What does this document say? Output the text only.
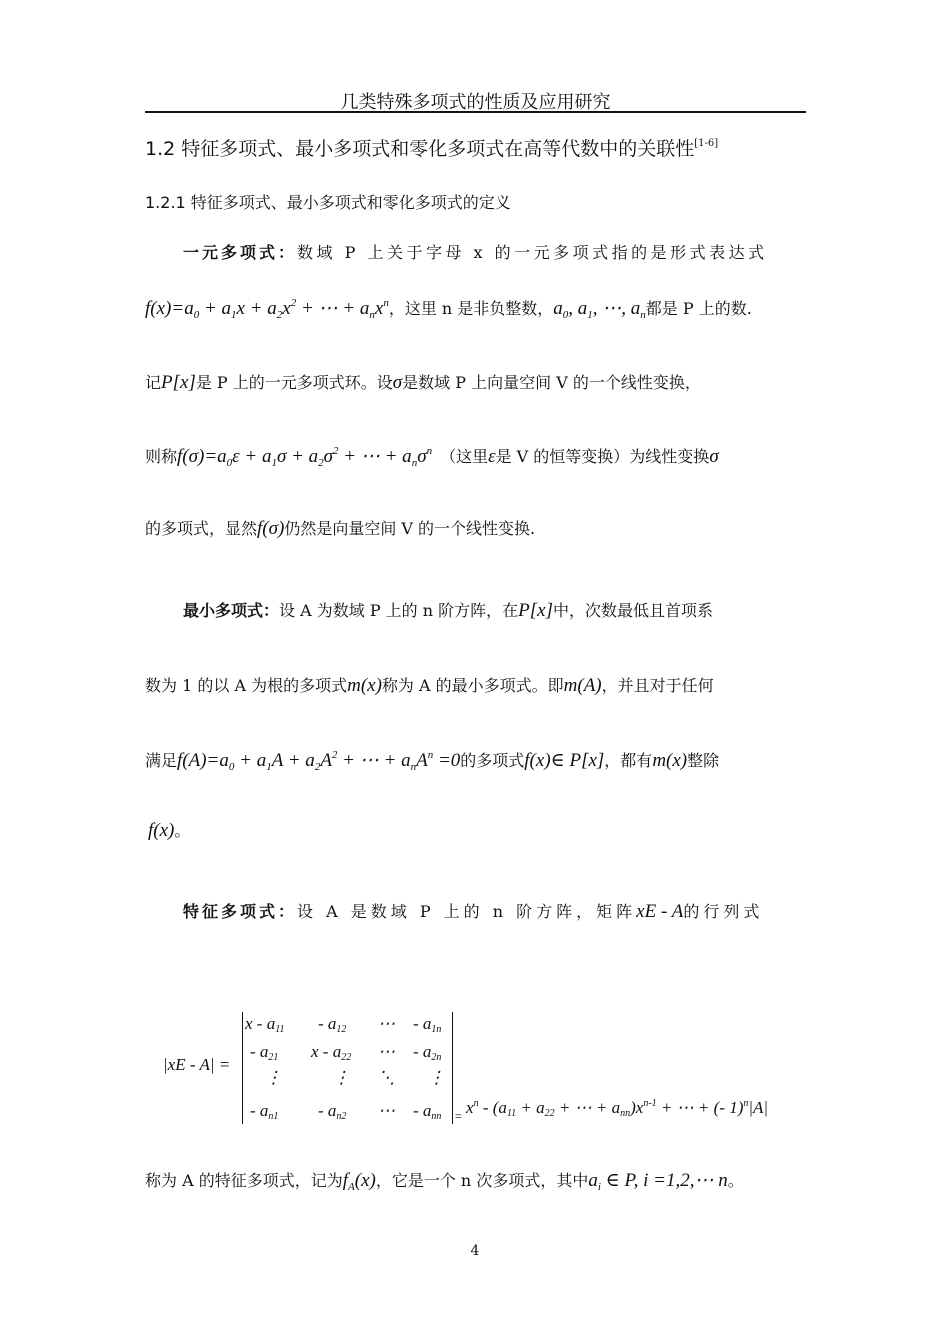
几类特殊多项式的性质及应用研究
1.2 特征多项式、最小多项式和零化多项式在高等代数中的关联性[1-6]
1.2.1 特征多项式、最小多项式和零化多项式的定义
一元多项式：数域 P 上关于字母 x 的一元多项式指的是形式表达式
$f(x)=a_0 + a_1x + a_2x^2$ + ⋯ + $a_nx^n$，这里 n 是非负整数，$a_0$, $a_1$, ⋯, $a_n$都是 P 上的数.
记P[x]是 P 上的一元多项式环。设σ是数域 P 上向量空间 V 的一个线性变换，
则称$f(\sigma)=a_0\varepsilon + a_1\sigma + a_2\sigma^2$ + ⋯ + $a_n\sigma^n$ （这里ε是 V 的恒等变换）为线性变换σ
的多项式，显然f(σ)仍然是向量空间 V 的一个线性变换.
最小多项式：设 A 为数域 P 上的 n 阶方阵，在P[x]中，次数最低且首项系
数为 1 的以 A 为根的多项式m(x)称为 A 的最小多项式。即m(A)，并且对于任何
满足$f(A)=a_0 + a_1A + a_2A^2$ + ⋯ + $a_nA^n =0$的多项式f(x)∈ P[x]，都有m(x)整除
f(x)。
特征多项式：设 A 是数域 P 上的 n 阶方阵，矩阵xE - A的行列式
|xE - A| =
x - $a_{11} - a_{12}$ ⋯ - $a_{1n}$
- $a_{21}$ x - $a_{22}$ ⋯ - $a_{2n}$
⋮	⋮ ⋱ ⋮
- $a_{n1} - a_{n2}$ ⋯ - $a_{nn}$ $_=$ $x^n - (a_{11} + a_{22}$ + ⋯ + $a_{nn})x^{n-1}$ + ⋯ + (- 1)$^n$|A|
称为 A 的特征多项式，记为$f_A(x)$，它是一个 n 次多项式，其中$a_i$ ∈ P, i =1,2,⋯ n。
4
